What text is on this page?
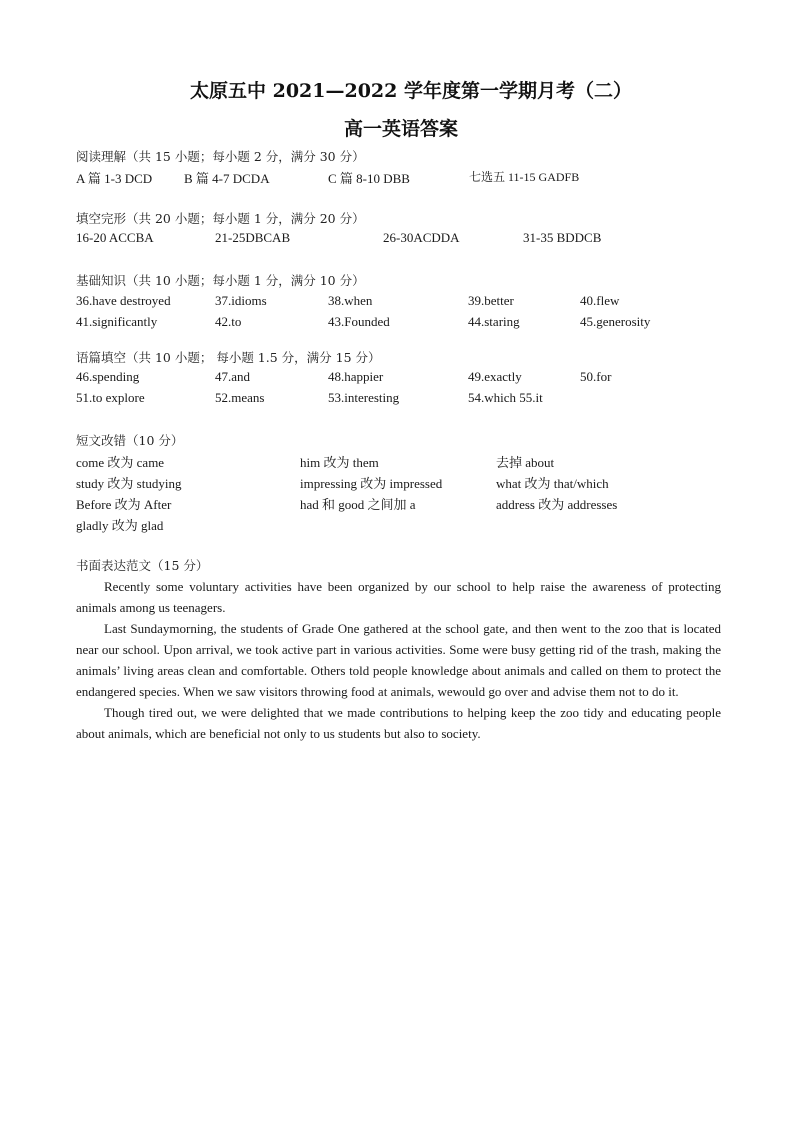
太原五中 2021—2022 学年度第一学期月考（二）
高一英语答案
阅读理解（共 15 小题；每小题 2 分，满分 30 分）
A 篇 1-3 DCD B 篇 4-7 DCDA	C 篇 8-10 DBB	七选五 11-15 GADFB
填空完形（共 20 小题；每小题 1 分，满分 20 分）
16-20 ACCBA	21-25DBCAB	26-30ACDDA	31-35 BDDCB
基础知识（共 10 小题；每小题 1 分，满分 10 分）
36.have destroyed	37.idioms	38.when	39.better	40.flew
41.significantly	42.to	43.Founded	44.staring	45.generosity
语篇填空（共 10 小题； 每小题 1.5 分，满分 15 分）
46.spending	47.and	48.happier	49.exactly	50.for
51.to explore	52.means	53.interesting	54.which 55.it
短文改错（10 分）
come 改为 came	him 改为 them	去掉 about
study 改为 studying	impressing 改为 impressed	what 改为 that/which
Before 改为 After	had 和 good 之间加 a	address 改为 addresses
gladly 改为 glad
书面表达范文（15 分）

Recently some voluntary activities have been organized by our school to help raise the awareness of protecting animals among us teenagers.

Last Sundaymorning, the students of Grade One gathered at the school gate, and then went to the zoo that is located near our school. Upon arrival, we took active part in various activities. Some were busy getting rid of the trash, making the animals’ living areas clean and comfortable. Others told people knowledge about animals and called on them to protect the endangered species. When we saw visitors throwing food at animals, wewould go over and advise them not to do it.

Though tired out, we were delighted that we made contributions to helping keep the zoo tidy and educating people about animals, which are beneficial not only to us students but also to society.
